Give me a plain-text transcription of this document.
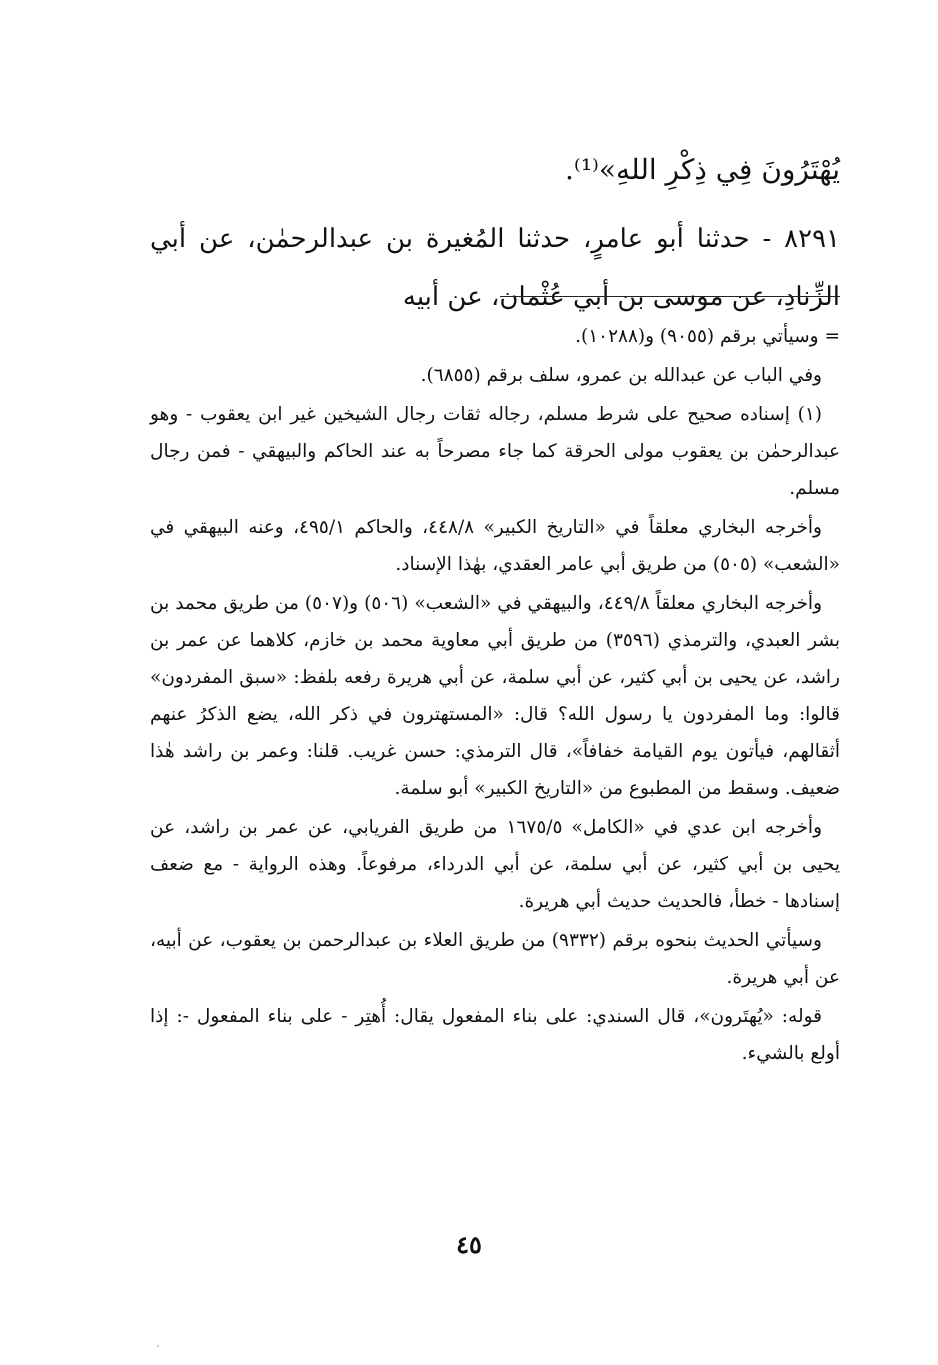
يُهْتَرُونَ فِي ذِكْرِ اللهِ»⁽¹⁾.

٨٢٩١ - حدثنا أبو عامرٍ، حدثنا المُغيرة بن عبدالرحمٰن، عن أبي الزِّنادِ، عن موسى بن أبي عُثْمان، عن أبيه

= وسيأتي برقم (٩٠٥٥) و(١٠٢٨٨).

وفي الباب عن عبدالله بن عمرو، سلف برقم (٦٨٥٥).

(١) إسناده صحيح على شرط مسلم، رجاله ثقات رجال الشيخين غير ابن يعقوب - وهو عبدالرحمٰن بن يعقوب مولى الحرقة كما جاء مصرحاً به عند الحاكم والبيهقي - فمن رجال مسلم.

وأخرجه البخاري معلقاً في «التاريخ الكبير» ٤٤٨/٨، والحاكم ٤٩٥/١، وعنه البيهقي في «الشعب» (٥٠٥) من طريق أبي عامر العقدي، بهٰذا الإسناد.

وأخرجه البخاري معلقاً ٤٤٩/٨، والبيهقي في «الشعب» (٥٠٦) و(٥٠٧) من طريق محمد بن بشر العبدي، والترمذي (٣٥٩٦) من طريق أبي معاوية محمد بن خازم، كلاهما عن عمر بن راشد، عن يحيى بن أبي كثير، عن أبي سلمة، عن أبي هريرة رفعه بلفظ: «سبق المفردون» قالوا: وما المفردون يا رسول الله؟ قال: «المستهترون في ذكر الله، يضع الذكرُ عنهم أثقالهم، فيأتون يوم القيامة خفافاً»، قال الترمذي: حسن غريب. قلنا: وعمر بن راشد هٰذا ضعيف. وسقط من المطبوع من «التاريخ الكبير» أبو سلمة.

وأخرجه ابن عدي في «الكامل» ١٦٧٥/٥ من طريق الفريابي، عن عمر بن راشد، عن يحيى بن أبي كثير، عن أبي سلمة، عن أبي الدرداء، مرفوعاً. وهذه الرواية - مع ضعف إسنادها - خطأ، فالحديث حديث أبي هريرة.

وسيأتي الحديث بنحوه برقم (٩٣٣٢) من طريق العلاء بن عبدالرحمن بن يعقوب، عن أبيه، عن أبي هريرة.

قوله: «يُهتَرون»، قال السندي: على بناء المفعول يقال: أُهتِر - على بناء المفعول -: إذا أولع بالشيء.

٤٥
